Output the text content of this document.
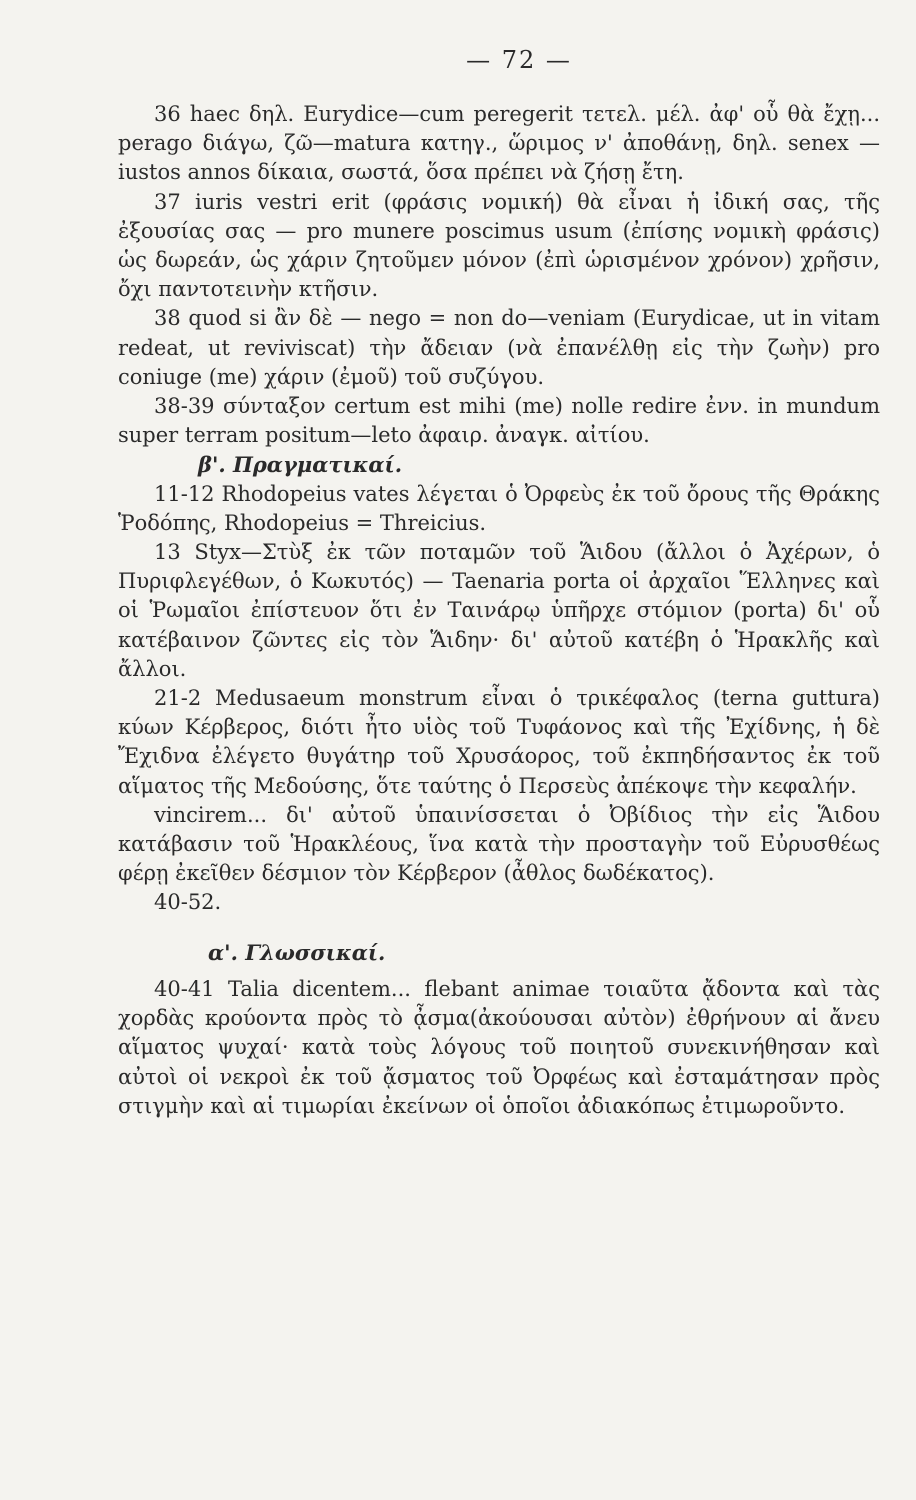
— 72 —

36 haec δηλ. Eurydice—cum peregerit τετελ. μέλ. ἀφ' οὗ θὰ ἔχῃ... perago διάγω, ζῶ—matura κατηγ., ὥριμος ν' ἀποθάνῃ, δηλ. senex — iustos annos δίκαια, σωστά, ὅσα πρέπει νὰ ζήσῃ ἔτη.

37 iuris vestri erit (φράσις νομική) θὰ εἶναι ἡ ἰδική σας, τῆς ἐξουσίας σας — pro munere poscimus usum (ἐπίσης νομικὴ φράσις) ὡς δωρεάν, ὡς χάριν ζητοῦμεν μόνον (ἐπὶ ὡρισμένον χρόνον) χρῆσιν, ὄχι παντοτεινὴν κτῆσιν.

38 quod si ἂν δὲ — nego = non do—veniam (Eurydicae, ut in vitam redeat, ut reviviscat) τὴν ἄδειαν (νὰ ἐπανέλθῃ εἰς τὴν ζωὴν) pro coniuge (me) χάριν (ἐμοῦ) τοῦ συζύγου.

38-39 σύνταξον certum est mihi (me) nolle redire ἐνν. in mundum super terram positum—leto ἀφαιρ. ἀναγκ. αἰτίου.

β'. Πραγματικαί.

11-12 Rhodopeius vates λέγεται ὁ Ὀρφεὺς ἐκ τοῦ ὄρους τῆς Θράκης Ῥοδόπης, Rhodopeius = Threicius.

13 Styx—Στὺξ ἐκ τῶν ποταμῶν τοῦ Ἅιδου (ἄλλοι ὁ Ἀχέρων, ὁ Πυριφλεγέθων, ὁ Κωκυτός) — Taenaria porta οἱ ἀρχαῖοι Ἕλληνες καὶ οἱ Ῥωμαῖοι ἐπίστευον ὅτι ἐν Ταινάρῳ ὑπῆρχε στόμιον (porta) δι' οὗ κατέβαινον ζῶντες εἰς τὸν Ἅιδην· δι' αὐτοῦ κατέβη ὁ Ἡρακλῆς καὶ ἄλλοι.

21-2 Medusaeum monstrum εἶναι ὁ τρικέφαλος (terna guttura) κύων Κέρβερος, διότι ἦτο υἱὸς τοῦ Τυφάονος καὶ τῆς Ἐχίδνης, ἡ δὲ Ἔχιδνα ἐλέγετο θυγάτηρ τοῦ Χρυσάορος, τοῦ ἐκπηδήσαντος ἐκ τοῦ αἵματος τῆς Μεδούσης, ὅτε ταύτης ὁ Περσεὺς ἀπέκοψε τὴν κεφαλήν.

vincirem... δι' αὐτοῦ ὑπαινίσσεται ὁ Ὀβίδιος τὴν εἰς Ἅιδου κατάβασιν τοῦ Ἡρακλέους, ἵνα κατὰ τὴν προσταγὴν τοῦ Εὐρυσθέως φέρῃ ἐκεῖθεν δέσμιον τὸν Κέρβερον (ἆθλος δωδέκατος).

40-52.

α'. Γλωσσικαί.

40-41 Talia dicentem... flebant animae τοιαῦτα ᾄδοντα καὶ τὰς χορδὰς κρούοντα πρὸς τὸ ᾆσμα(ἀκούουσαι αὐτὸν) ἐθρήνουν αἱ ἄνευ αἵματος ψυχαί· κατὰ τοὺς λόγους τοῦ ποιητοῦ συνεκινήθησαν καὶ αὐτοὶ οἱ νεκροὶ ἐκ τοῦ ᾄσματος τοῦ Ὀρφέως καὶ ἐσταμάτησαν πρὸς στιγμὴν καὶ αἱ τιμωρίαι ἐκείνων οἱ ὁποῖοι ἀδιακόπως ἐτιμωροῦντο.
